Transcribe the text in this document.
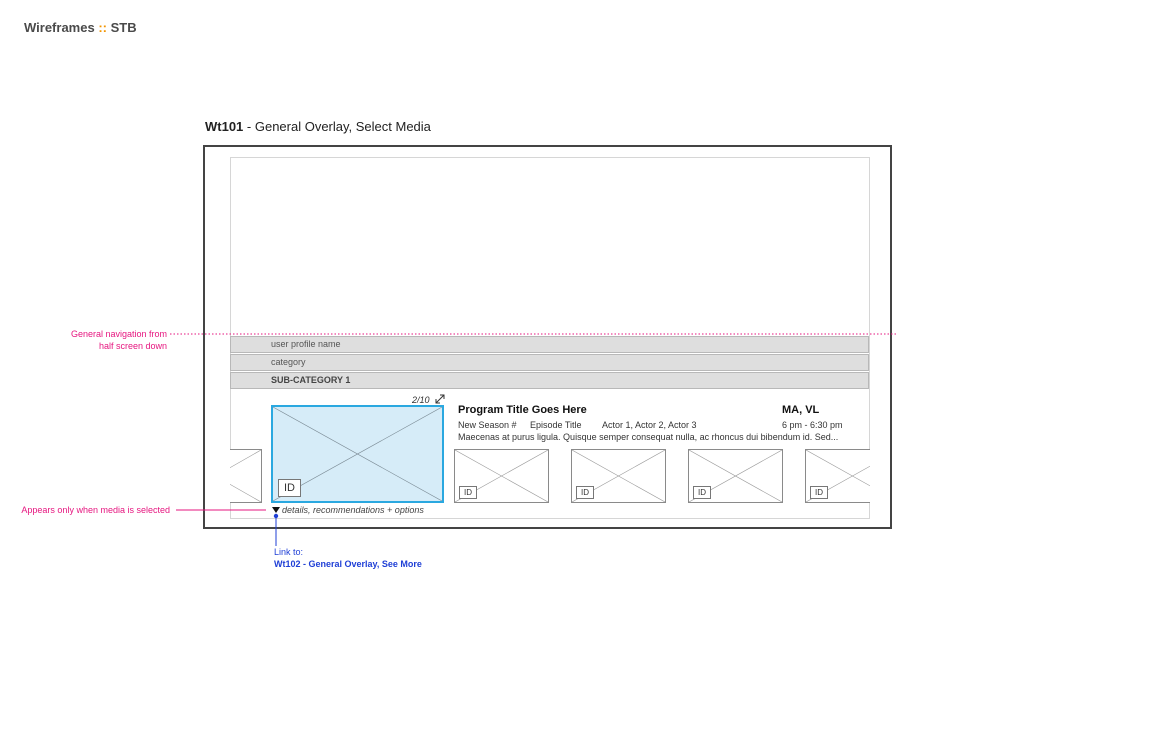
Wireframes :: STB
Wt101 - General Overlay, Select Media
user profile name
category
SUB-CATEGORY 1
2/10
ID	ID	ID	ID	ID
Program Title Goes Here	MA, VL
New Season # Episode Title Actor 1, Actor 2, Actor 3	6 pm - 6:30 pm
Maecenas at purus ligula. Quisque semper consequat nulla, ac rhoncus dui bibendum id. Sed...
details, recommendations + options
General navigation from
half screen down
Appears only when media is selected
Link to:
Wt102 - General Overlay, See More
